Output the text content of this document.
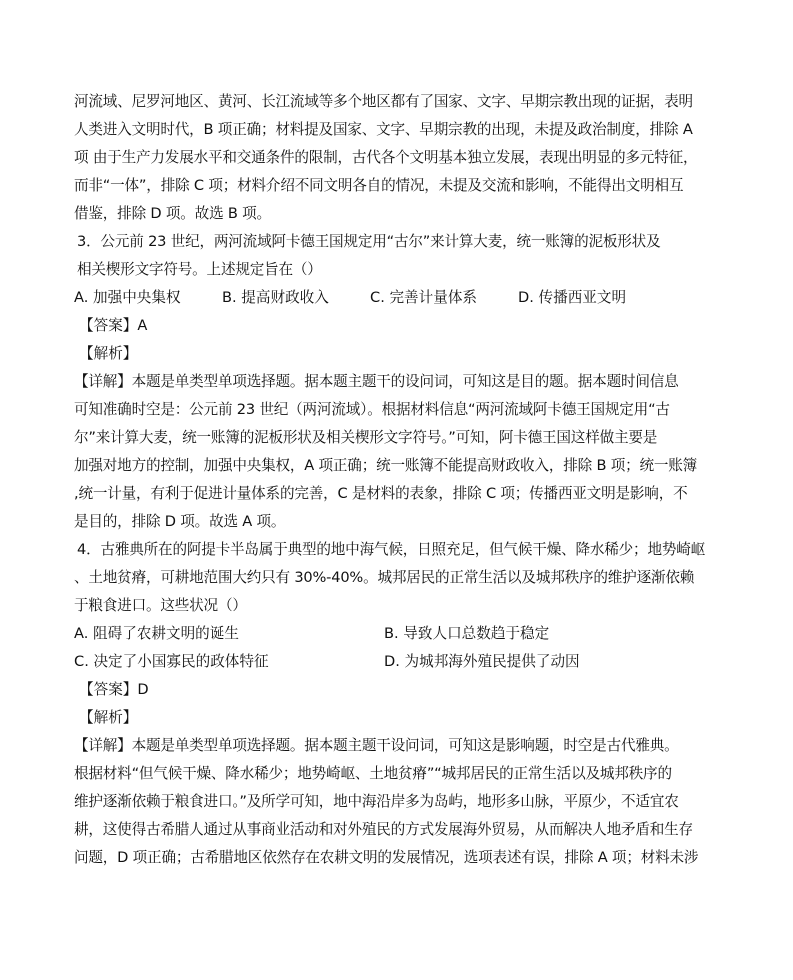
河流域、尼罗河地区、黄河、长江流域等多个地区都有了国家、文字、早期宗教出现的证据，表明
人类进入文明时代，B 项正确；材料提及国家、文字、早期宗教的出现，未提及政治制度，排除 A
项 由于生产力发展水平和交通条件的限制，古代各个文明基本独立发展，表现出明显的多元特征，
而非“一体”，排除 C 项；材料介绍不同文明各自的情况，未提及交流和影响，不能得出文明相互
借鉴，排除 D 项。故选 B 项。
3．公元前 23 世纪，两河流域阿卡德王国规定用“古尔”来计算大麦，统一账簿的泥板形状及
相关楔形文字符号。上述规定旨在（）
A. 加强中央集权	B. 提高财政收入	C. 完善计量体系	D. 传播西亚文明
【答案】A
【解析】
【详解】本题是单类型单项选择题。据本题主题干的设问词，可知这是目的题。据本题时间信息
可知准确时空是：公元前 23 世纪（两河流域）。根据材料信息“两河流域阿卡德王国规定用“古
尔”来计算大麦，统一账簿的泥板形状及相关楔形文字符号。”可知，阿卡德王国这样做主要是
加强对地方的控制，加强中央集权，A 项正确；统一账簿不能提高财政收入，排除 B 项；统一账簿
,统一计量，有利于促进计量体系的完善，C 是材料的表象，排除 C 项；传播西亚文明是影响，不
是目的，排除 D 项。故选 A 项。
4．古雅典所在的阿提卡半岛属于典型的地中海气候，日照充足，但气候干燥、降水稀少；地势崎岖
、土地贫瘠，可耕地范围大约只有 30%-40%。城邦居民的正常生活以及城邦秩序的维护逐渐依赖
于粮食进口。这些状况（）
A. 阻碍了农耕文明的诞生	B. 导致人口总数趋于稳定
C. 决定了小国寡民的政体特征	D. 为城邦海外殖民提供了动因
【答案】D
【解析】
【详解】本题是单类型单项选择题。据本题主题干设问词，可知这是影响题，时空是古代雅典。
根据材料“但气候干燥、降水稀少；地势崎岖、土地贫瘠”“城邦居民的正常生活以及城邦秩序的
维护逐渐依赖于粮食进口。”及所学可知，地中海沿岸多为岛屿，地形多山脉，平原少，不适宜农
耕，这使得古希腊人通过从事商业活动和对外殖民的方式发展海外贸易，从而解决人地矛盾和生存
问题，D 项正确；古希腊地区依然存在农耕文明的发展情况，选项表述有误，排除 A 项；材料未涉
